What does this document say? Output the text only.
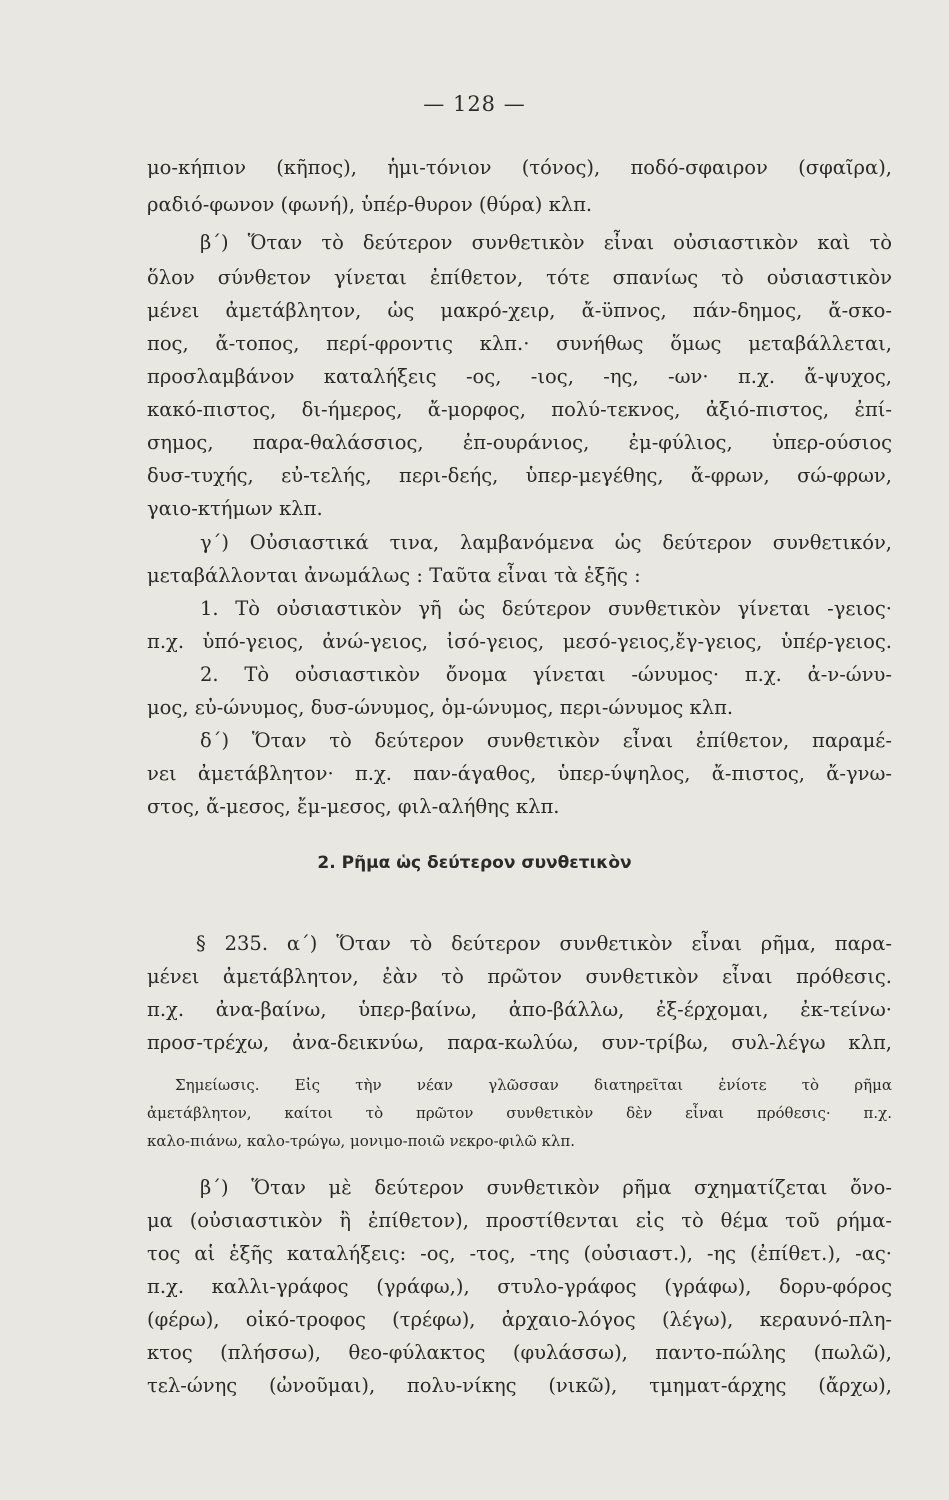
— 128 —
μο-κήπιον (κῆπος), ἡμι-τόνιον (τόνος), ποδό-σφαιρον (σφαῖρα),
ραδιό-φωνον (φωνή), ὑπέρ-θυρον (θύρα) κλπ.
β΄) Ὅταν τὸ δεύτερον συνθετικὸν εἶναι οὐσιαστικὸν καὶ τὸ
ὅλον σύνθετον γίνεται ἐπίθετον, τότε σπανίως τὸ οὐσιαστικὸν
μένει ἀμετάβλητον, ὡς μακρό-χειρ, ἄ-ϋπνος, πάν-δημος, ἄ-σκο-
πος, ἄ-τοπος, περί-φροντις κλπ.· συνήθως ὅμως μεταβάλλεται,
προσλαμβάνον καταλήξεις -ος, -ιος, -ης, -ων· π.χ. ἄ-ψυχος,
κακό-πιστος, δι-ήμερος, ἄ-μορφος, πολύ-τεκνος, ἀξιό-πιστος, ἐπί-
σημος, παρα-θαλάσσιος, ἐπ-ουράνιος, ἐμ-φύλιος, ὑπερ-ούσιος
δυσ-τυχής, εὐ-τελής, περι-δεής, ὑπερ-μεγέθης, ἄ-φρων, σώ-φρων,
γαιο-κτήμων κλπ.
γ΄) Οὐσιαστικά τινα, λαμβανόμενα ὡς δεύτερον συνθετικόν,
μεταβάλλονται ἀνωμάλως : Ταῦτα εἶναι τὰ ἑξῆς :
1. Τὸ οὐσιαστικὸν γῆ ὡς δεύτερον συνθετικὸν γίνεται -γειος·
π.χ. ὑπό-γειος, ἀνώ-γειος, ἰσό-γειος, μεσό-γειος,ἔγ-γειος, ὑπέρ-γειος.
2. Τὸ οὐσιαστικὸν ὄνομα γίνεται -ώνυμος· π.χ. ἀ-ν-ώνυ-
μος, εὐ-ώνυμος, δυσ-ώνυμος, ὁμ-ώνυμος, περι-ώνυμος κλπ.
δ΄) Ὅταν τὸ δεύτερον συνθετικὸν εἶναι ἐπίθετον, παραμέ-
νει ἀμετάβλητον· π.χ. παν-άγαθος, ὑπερ-ύψηλος, ἄ-πιστος, ἄ-γνω-
στος, ἄ-μεσος, ἔμ-μεσος, φιλ-αλήθης κλπ.
2. Ρῆμα ὡς δεύτερον συνθετικὸν
§ 235. α΄) Ὅταν τὸ δεύτερον συνθετικὸν εἶναι ρῆμα, παρα-
μένει ἀμετάβλητον, ἐὰν τὸ πρῶτον συνθετικὸν εἶναι πρόθεσις.
π.χ. ἀνα-βαίνω, ὑπερ-βαίνω, ἀπο-βάλλω, ἐξ-έρχομαι, ἐκ-τείνω·
προσ-τρέχω, ἀνα-δεικνύω, παρα-κωλύω, συν-τρίβω, συλ-λέγω κλπ,
Σημείωσις. Εἰς τὴν νέαν γλῶσσαν διατηρεῖται ἐνίοτε τὸ ρῆμα
ἀμετάβλητον, καίτοι τὸ πρῶτον συνθετικὸν δὲν εἶναι πρόθεσις· π.χ.
καλο-πιάνω, καλο-τρώγω, μονιμο-ποιῶ νεκρο-φιλῶ κλπ.
β΄) Ὅταν μὲ δεύτερον συνθετικὸν ρῆμα σχηματίζεται ὄνο-
μα (οὐσιαστικὸν ἢ ἐπίθετον), προστίθενται εἰς τὸ θέμα τοῦ ρήμα-
τος αἱ ἑξῆς καταλήξεις: -ος, -τος, -της (οὐσιαστ.), -ης (ἐπίθετ.), -ας·
π.χ. καλλι-γράφος (γράφω,), στυλο-γράφος (γράφω), δορυ-φόρος
(φέρω), οἰκό-τροφος (τρέφω), ἀρχαιο-λόγος (λέγω), κεραυνό-πλη-
κτος (πλήσσω), θεο-φύλακτος (φυλάσσω), παντο-πώλης (πωλῶ),
τελ-ώνης (ὠνοῦμαι), πολυ-νίκης (νικῶ), τμηματ-άρχης (ἄρχω),
